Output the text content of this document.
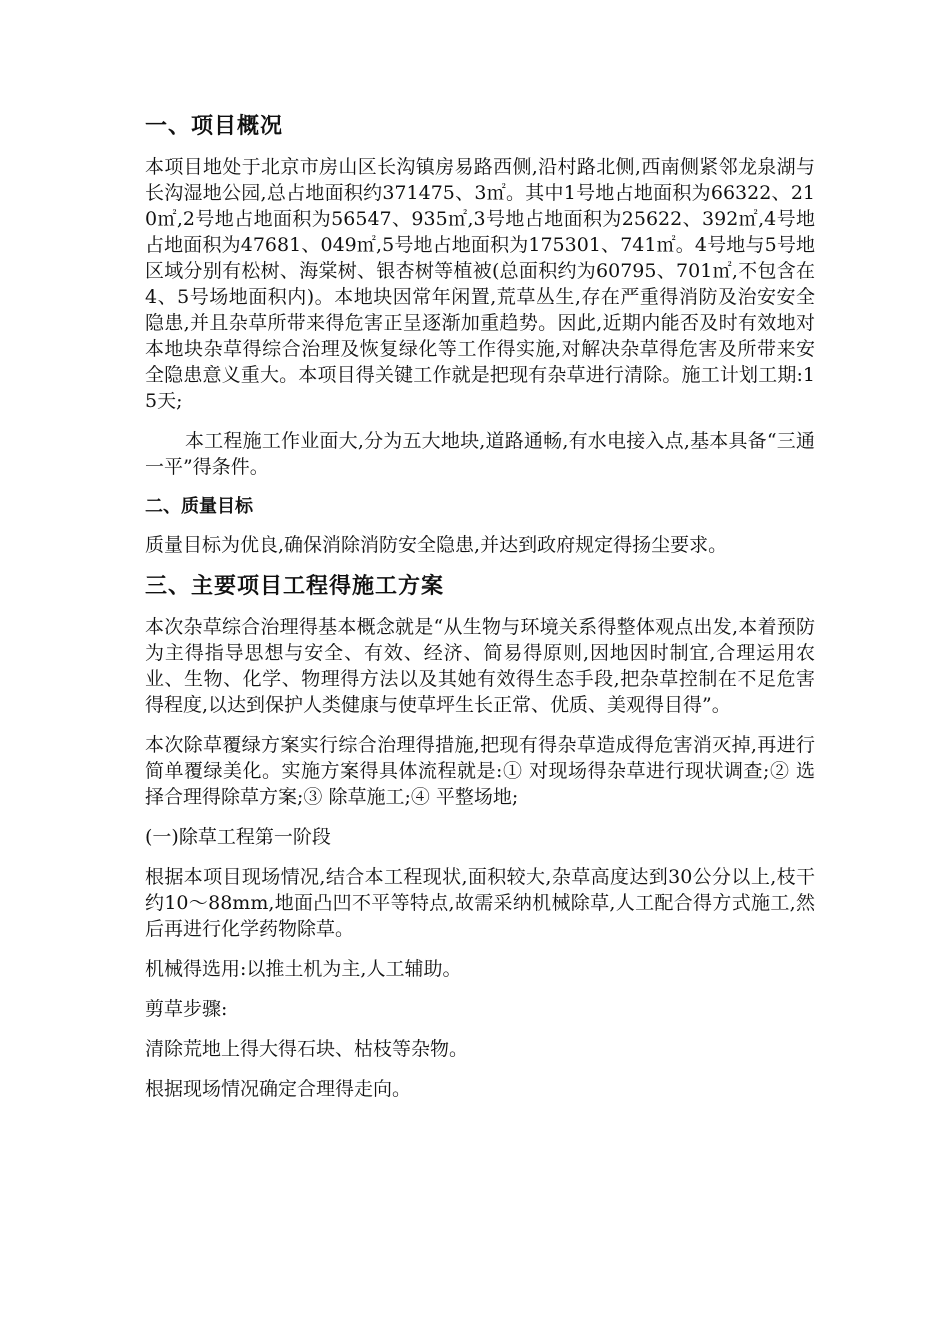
一、项目概况

本项目地处于北京市房山区长沟镇房易路西侧,沿村路北侧,西南侧紧邻龙泉湖与长沟湿地公园,总占地面积约371475、3㎡。其中1号地占地面积为66322、210㎡,2号地占地面积为56547、935㎡,3号地占地面积为25622、392㎡,4号地占地面积为47681、049㎡,5号地占地面积为175301、741㎡。4号地与5号地区域分别有松树、海棠树、银杏树等植被(总面积约为60795、701㎡,不包含在4、5号场地面积内)。本地块因常年闲置,荒草丛生,存在严重得消防及治安安全隐患,并且杂草所带来得危害正呈逐渐加重趋势。因此,近期内能否及时有效地对本地块杂草得综合治理及恢复绿化等工作得实施,对解决杂草得危害及所带来安全隐患意义重大。本项目得关键工作就是把现有杂草进行清除。施工计划工期:15天;

本工程施工作业面大,分为五大地块,道路通畅,有水电接入点,基本具备“三通一平”得条件。

二、质量目标

质量目标为优良,确保消除消防安全隐患,并达到政府规定得扬尘要求。

三、主要项目工程得施工方案

本次杂草综合治理得基本概念就是“从生物与环境关系得整体观点出发,本着预防为主得指导思想与安全、有效、经济、简易得原则,因地因时制宜,合理运用农业、生物、化学、物理得方法以及其她有效得生态手段,把杂草控制在不足危害得程度,以达到保护人类健康与使草坪生长正常、优质、美观得目得”。

本次除草覆绿方案实行综合治理得措施,把现有得杂草造成得危害消灭掉,再进行简单覆绿美化。实施方案得具体流程就是:① 对现场得杂草进行现状调查;② 选择合理得除草方案;③ 除草施工;④ 平整场地;

(一)除草工程第一阶段

根据本项目现场情况,结合本工程现状,面积较大,杂草高度达到30公分以上,枝干约10～88mm,地面凸凹不平等特点,故需采纳机械除草,人工配合得方式施工,然后再进行化学药物除草。

机械得选用:以推土机为主,人工辅助。

剪草步骤:

清除荒地上得大得石块、枯枝等杂物。

根据现场情况确定合理得走向。
